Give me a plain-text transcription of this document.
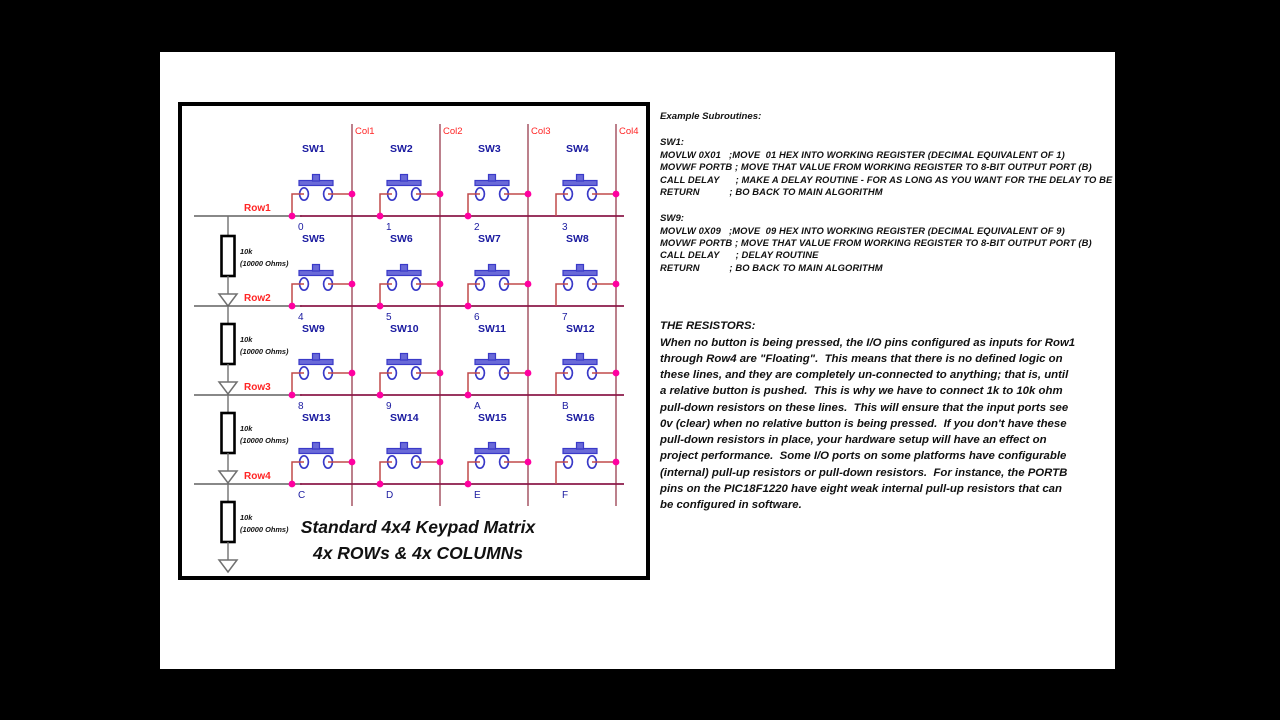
Col1	Col2	Col3	Col4
Row1
10k
(10000 Ohms)
SW1
0
SW2
1
SW3
2
SW4
3
Row2
10k
(10000 Ohms)
SW5
4
SW6
5
SW7
6
SW8
7
Row3
10k
(10000 Ohms)
SW9
8
SW10
9
SW11
A
SW12
B
Row4
10k
(10000 Ohms)
SW13
C
SW14
D
SW15
E
SW16
F
Standard 4x4 Keypad Matrix
4x ROWs & 4x COLUMNs
Example Subroutines:
SW1:
MOVLW 0X01   ;MOVE  01 HEX INTO WORKING REGISTER (DECIMAL EQUIVALENT OF 1)
MOVWF PORTB ; MOVE THAT VALUE FROM WORKING REGISTER TO 8-BIT OUTPUT PORT (B)
CALL DELAY      ; MAKE A DELAY ROUTINE - FOR AS LONG AS YOU WANT FOR THE DELAY TO BE
RETURN           ; BO BACK TO MAIN ALGORITHM
SW9:
MOVLW 0X09   ;MOVE  09 HEX INTO WORKING REGISTER (DECIMAL EQUIVALENT OF 9)
MOVWF PORTB ; MOVE THAT VALUE FROM WORKING REGISTER TO 8-BIT OUTPUT PORT (B)
CALL DELAY      ; DELAY ROUTINE
RETURN           ; BO BACK TO MAIN ALGORITHM
THE RESISTORS:
When no button is being pressed, the I/O pins configured as inputs for Row1
through Row4 are "Floating".  This means that there is no defined logic on
these lines, and they are completely un-connected to anything; that is, until
a relative button is pushed.  This is why we have to connect 1k to 10k ohm
pull-down resistors on these lines.  This will ensure that the input ports see
0v (clear) when no relative button is being pressed.  If you don't have these
pull-down resistors in place, your hardware setup will have an effect on
project performance.  Some I/O ports on some platforms have configurable
(internal) pull-up resistors or pull-down resistors.  For instance, the PORTB
pins on the PIC18F1220 have eight weak internal pull-up resistors that can
be configured in software.
